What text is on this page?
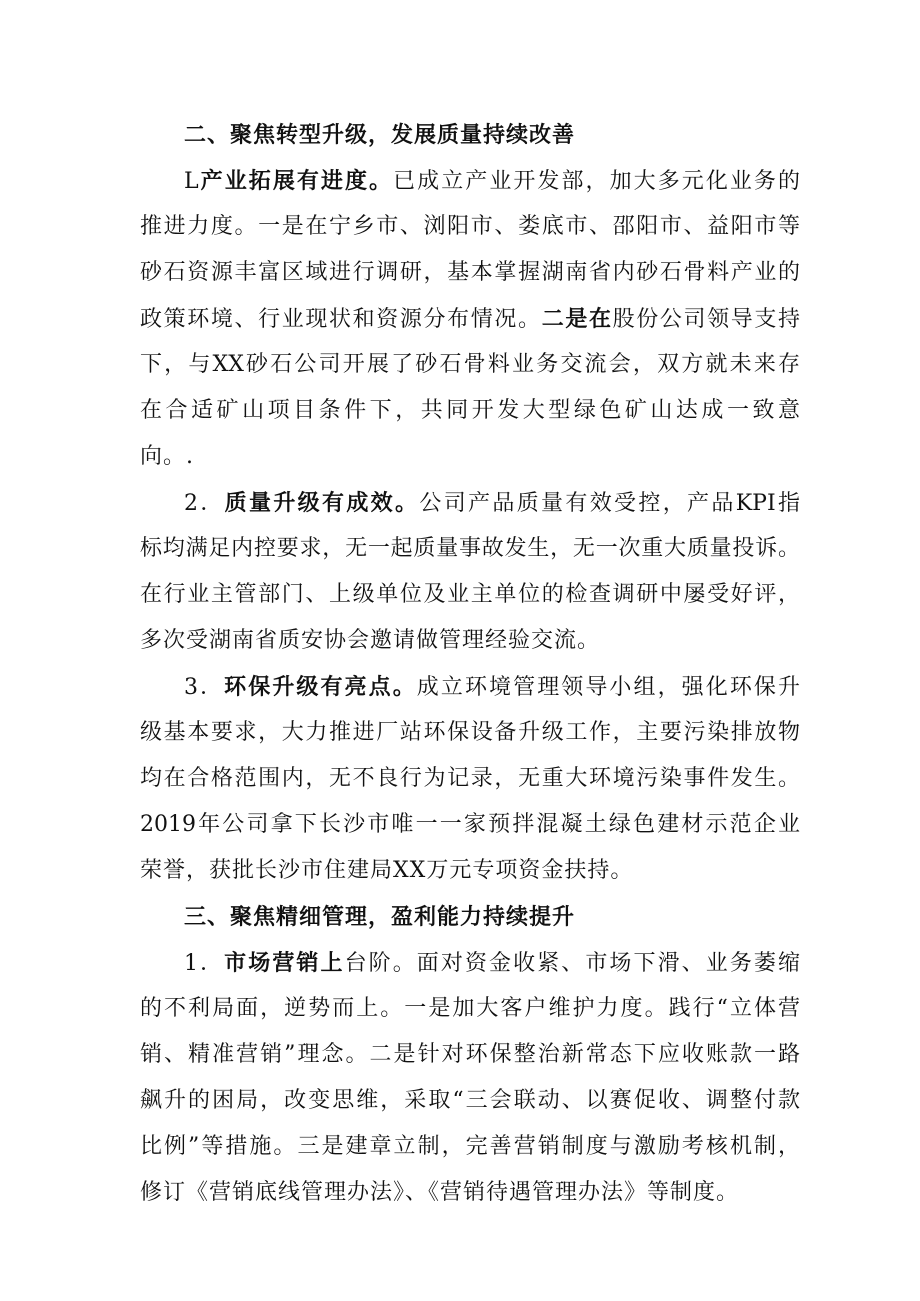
二、聚焦转型升级，发展质量持续改善
L产业拓展有进度。已成立产业开发部，加大多元化业务的
推进力度。一是在宁乡市、浏阳市、娄底市、邵阳市、益阳市等
砂石资源丰富区域进行调研，基本掌握湖南省内砂石骨料产业的
政策环境、行业现状和资源分布情况。二是在股份公司领导支持
下，与XX砂石公司开展了砂石骨料业务交流会，双方就未来存
在合适矿山项目条件下，共同开发大型绿色矿山达成一致意
向。.
2．质量升级有成效。公司产品质量有效受控，产品KPI指
标均满足内控要求，无一起质量事故发生，无一次重大质量投诉。
在行业主管部门、上级单位及业主单位的检查调研中屡受好评，
多次受湖南省质安协会邀请做管理经验交流。
3．环保升级有亮点。成立环境管理领导小组，强化环保升
级基本要求，大力推进厂站环保设备升级工作，主要污染排放物
均在合格范围内，无不良行为记录，无重大环境污染事件发生。
2019年公司拿下长沙市唯一一家预拌混凝土绿色建材示范企业
荣誉，获批长沙市住建局XX万元专项资金扶持。
三、聚焦精细管理，盈利能力持续提升
1．市场营销上台阶。面对资金收紧、市场下滑、业务萎缩
的不利局面，逆势而上。一是加大客户维护力度。践行“立体营
销、精准营销”理念。二是针对环保整治新常态下应收账款一路
飙升的困局，改变思维，采取“三会联动、以赛促收、调整付款
比例”等措施。三是建章立制，完善营销制度与激励考核机制，
修订《营销底线管理办法》、《营销待遇管理办法》等制度。
